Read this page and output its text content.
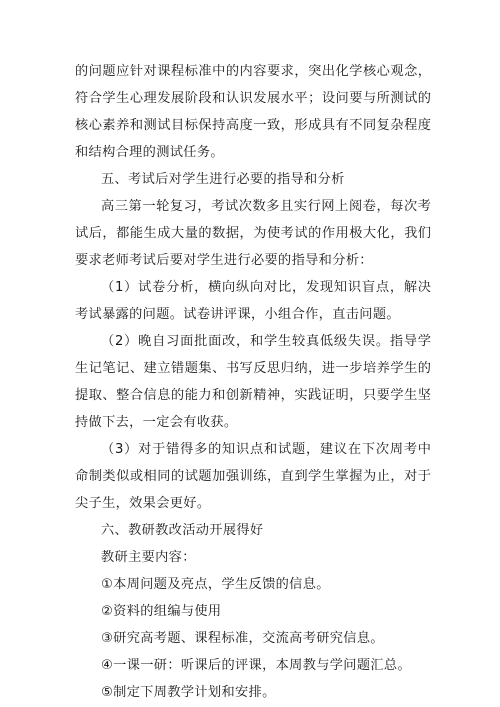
的问题应针对课程标准中的内容要求，突出化学核心观念，
符合学生心理发展阶段和认识发展水平；设问要与所测试的
核心素养和测试目标保持高度一致，形成具有不同复杂程度
和结构合理的测试任务。
五、考试后对学生进行必要的指导和分析
高三第一轮复习，考试次数多且实行网上阅卷，每次考
试后，都能生成大量的数据，为使考试的作用极大化，我们
要求老师考试后要对学生进行必要的指导和分析：
（1）试卷分析，横向纵向对比，发现知识盲点，解决
考试暴露的问题。试卷讲评课，小组合作，直击问题。
（2）晚自习面批面改，和学生较真低级失误。指导学
生记笔记、建立错题集、书写反思归纳，进一步培养学生的
提取、整合信息的能力和创新精神，实践证明，只要学生坚
持做下去，一定会有收获。
（3）对于错得多的知识点和试题，建议在下次周考中
命制类似或相同的试题加强训练，直到学生掌握为止，对于
尖子生，效果会更好。
六、教研教改活动开展得好
教研主要内容：
①本周问题及亮点，学生反馈的信息。
②资料的组编与使用
③研究高考题、课程标准，交流高考研究信息。
④一课一研：听课后的评课，本周教与学问题汇总。
⑤制定下周教学计划和安排。
